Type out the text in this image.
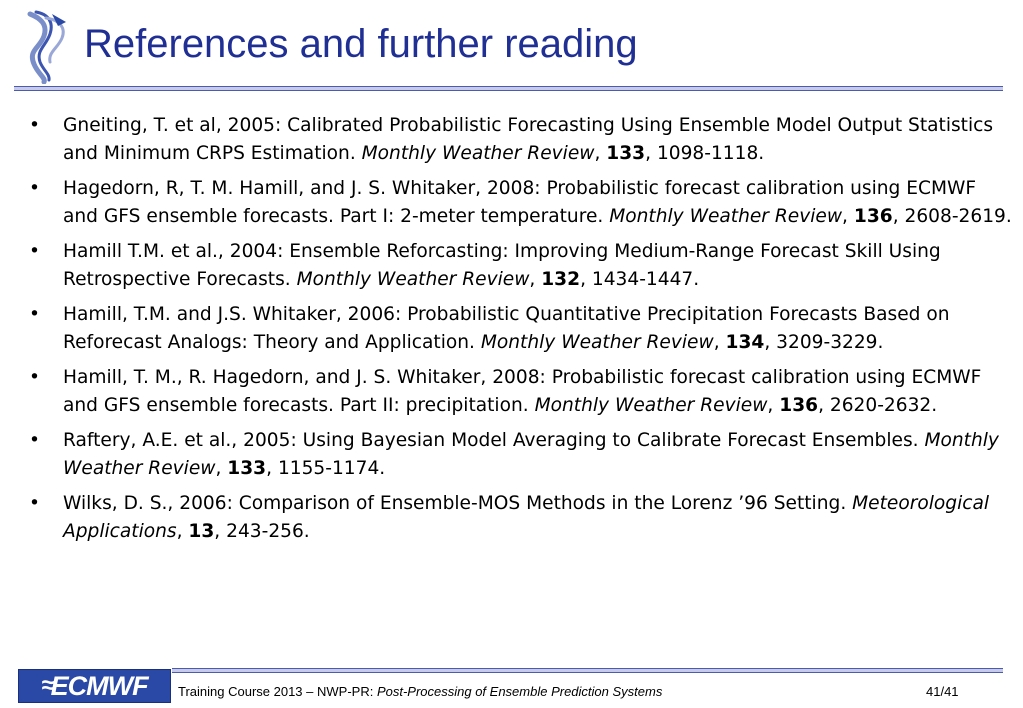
References and further reading
• Gneiting, T. et al, 2005: Calibrated Probabilistic Forecasting Using Ensemble Model Output Statistics and Minimum CRPS Estimation. Monthly Weather Review, 133, 1098-1118.
• Hagedorn, R, T. M. Hamill, and J. S. Whitaker, 2008: Probabilistic forecast calibration using ECMWF and GFS ensemble forecasts. Part I: 2-meter temperature. Monthly Weather Review, 136, 2608-2619.
• Hamill T.M. et al., 2004: Ensemble Reforcasting: Improving Medium-Range Forecast Skill Using Retrospective Forecasts. Monthly Weather Review, 132, 1434-1447.
• Hamill, T.M. and J.S. Whitaker, 2006: Probabilistic Quantitative Precipitation Forecasts Based on Reforecast Analogs: Theory and Application. Monthly Weather Review, 134, 3209-3229.
• Hamill, T. M., R. Hagedorn, and J. S. Whitaker, 2008: Probabilistic forecast calibration using ECMWF and GFS ensemble forecasts. Part II: precipitation. Monthly Weather Review, 136, 2620-2632.
• Raftery, A.E. et al., 2005: Using Bayesian Model Averaging to Calibrate Forecast Ensembles. Monthly Weather Review, 133, 1155-1174.
• Wilks, D. S., 2006: Comparison of Ensemble-MOS Methods in the Lorenz ’96 Setting. Meteorological Applications, 13, 243-256.
≈ ECMWF Training Course 2013 – NWP-PR: Post-Processing of Ensemble Prediction Systems	41/41
